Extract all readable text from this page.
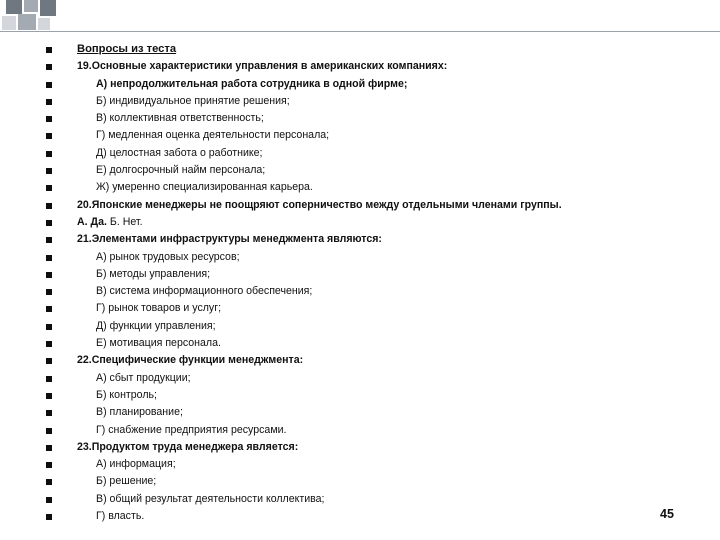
Вопросы из теста
19.Основные характеристики управления в американских компаниях:
А) непродолжительная работа сотрудника в одной фирме;
Б) индивидуальное принятие решения;
В) коллективная ответственность;
Г) медленная оценка деятельности персонала;
Д) целостная забота о работнике;
Е) долгосрочный найм персонала;
Ж) умеренно специализированная карьера.
20.Японские менеджеры не поощряют соперничество между отдельными членами группы.
А. Да. Б. Нет.
21.Элементами инфраструктуры менеджмента являются:
А) рынок трудовых ресурсов;
Б) методы управления;
В) система информационного обеспечения;
Г) рынок товаров и услуг;
Д) функции управления;
Е) мотивация персонала.
22.Специфические функции менеджмента:
А) сбыт продукции;
Б) контроль;
В) планирование;
Г) снабжение предприятия ресурсами.
23.Продуктом труда менеджера является:
А) информация;
Б) решение;
В) общий результат деятельности коллектива;
Г) власть.	45
